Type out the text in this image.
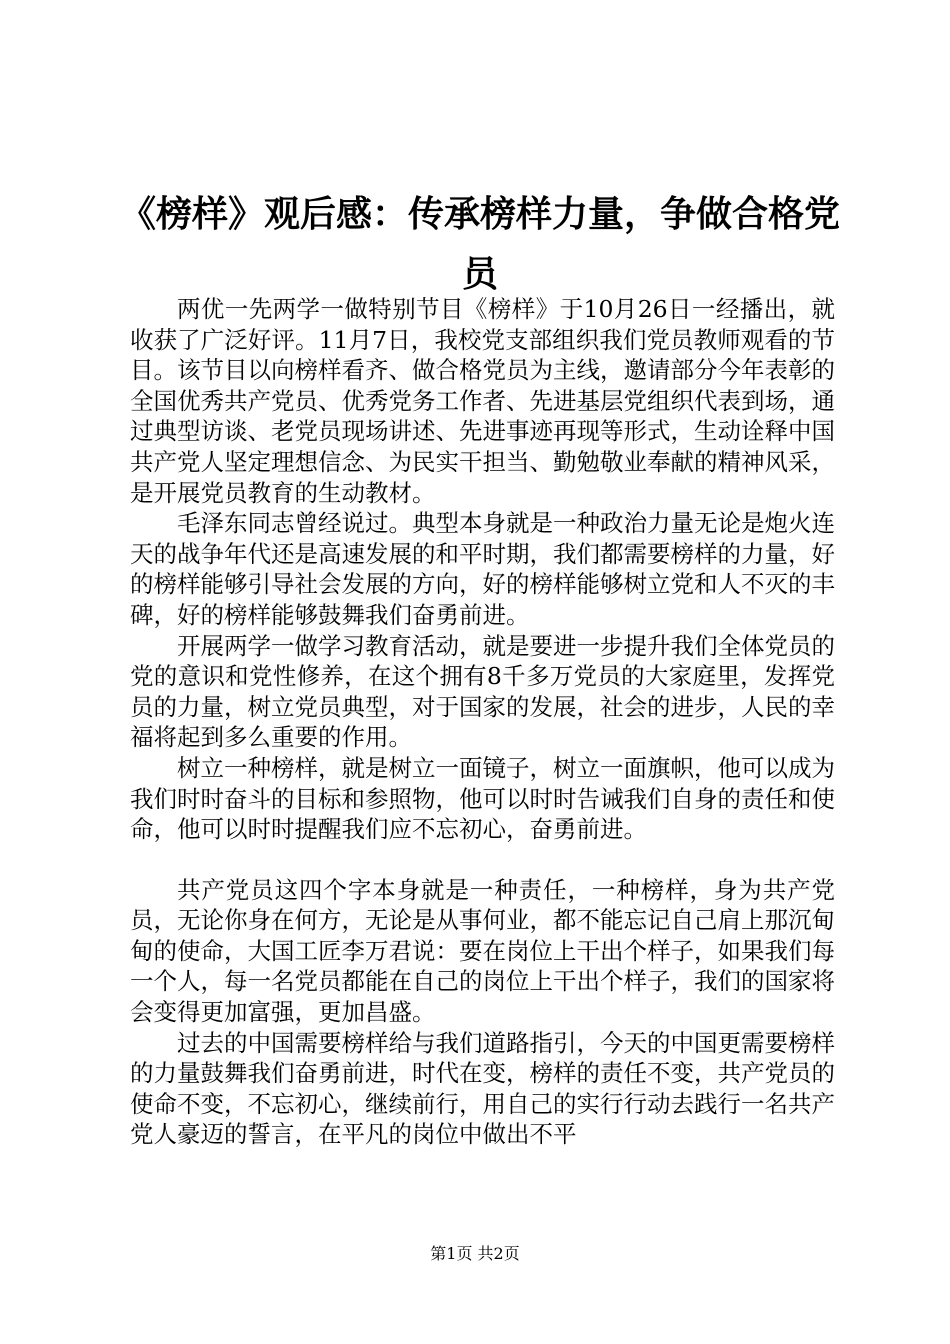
《榜样》观后感：传承榜样力量，争做合格党员

两优一先两学一做特别节目《榜样》于10月26日一经播出，就收获了广泛好评。11月7日，我校党支部组织我们党员教师观看的节目。该节目以向榜样看齐、做合格党员为主线，邀请部分今年表彰的全国优秀共产党员、优秀党务工作者、先进基层党组织代表到场，通过典型访谈、老党员现场讲述、先进事迹再现等形式，生动诠释中国共产党人坚定理想信念、为民实干担当、勤勉敬业奉献的精神风采，是开展党员教育的生动教材。

毛泽东同志曾经说过。典型本身就是一种政治力量无论是炮火连天的战争年代还是高速发展的和平时期，我们都需要榜样的力量，好的榜样能够引导社会发展的方向，好的榜样能够树立党和人不灭的丰碑，好的榜样能够鼓舞我们奋勇前进。

开展两学一做学习教育活动，就是要进一步提升我们全体党员的党的意识和党性修养，在这个拥有8千多万党员的大家庭里，发挥党员的力量，树立党员典型，对于国家的发展，社会的进步，人民的幸福将起到多么重要的作用。

树立一种榜样，就是树立一面镜子，树立一面旗帜，他可以成为我们时时奋斗的目标和参照物，他可以时时告诫我们自身的责任和使命，他可以时时提醒我们应不忘初心，奋勇前进。

共产党员这四个字本身就是一种责任，一种榜样，身为共产党员，无论你身在何方，无论是从事何业，都不能忘记自己肩上那沉甸甸的使命，大国工匠李万君说：要在岗位上干出个样子，如果我们每一个人，每一名党员都能在自己的岗位上干出个样子，我们的国家将会变得更加富强，更加昌盛。

过去的中国需要榜样给与我们道路指引，今天的中国更需要榜样的力量鼓舞我们奋勇前进，时代在变，榜样的责任不变，共产党员的使命不变，不忘初心，继续前行，用自己的实行行动去践行一名共产党人豪迈的誓言，在平凡的岗位中做出不平

第1页 共2页
